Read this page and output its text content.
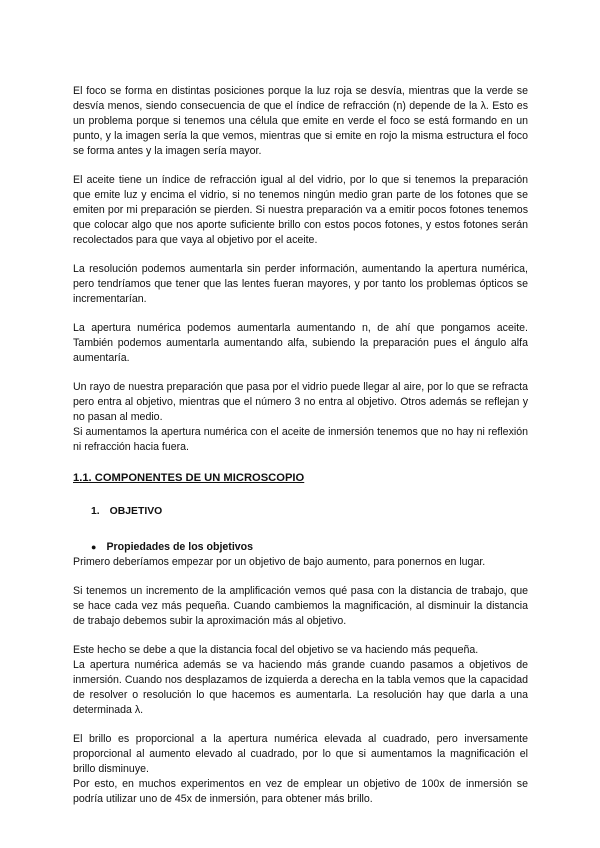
El foco se forma en distintas posiciones porque la luz roja se desvía, mientras que la verde se desvía menos, siendo consecuencia de que el índice de refracción (n) depende de la λ. Esto es un problema porque si tenemos una célula que emite en verde el foco se está formando en un punto, y la imagen sería la que vemos, mientras que si emite en rojo la misma estructura el foco se forma antes y la imagen sería mayor.

El aceite tiene un índice de refracción igual al del vidrio, por lo que si tenemos la preparación que emite luz y encima el vidrio, si no tenemos ningún medio gran parte de los fotones que se emiten por mi preparación se pierden. Si nuestra preparación va a emitir pocos fotones tenemos que colocar algo que nos aporte suficiente brillo con estos pocos fotones, y estos fotones serán recolectados para que vaya al objetivo por el aceite.

La resolución podemos aumentarla sin perder información, aumentando la apertura numérica, pero tendríamos que tener que las lentes fueran mayores, y por tanto los problemas ópticos se incrementarían.

La apertura numérica podemos aumentarla aumentando n, de ahí que pongamos aceite. También podemos aumentarla aumentando alfa, subiendo la preparación pues el ángulo alfa aumentaría.

Un rayo de nuestra preparación que pasa por el vidrio puede llegar al aire, por lo que se refracta pero entra al objetivo, mientras que el número 3 no entra al objetivo. Otros además se reflejan y no pasan al medio.

Si aumentamos la apertura numérica con el aceite de inmersión tenemos que no hay ni reflexión ni refracción hacia fuera.

1.1. COMPONENTES DE UN MICROSCOPIO
1. OBJETIVO
● Propiedades de los objetivos

Primero deberíamos empezar por un objetivo de bajo aumento, para ponernos en lugar.

Si tenemos un incremento de la amplificación vemos qué pasa con la distancia de trabajo, que se hace cada vez más pequeña. Cuando cambiemos la magnificación, al disminuir la distancia de trabajo debemos subir la aproximación más al objetivo.

Este hecho se debe a que la distancia focal del objetivo se va haciendo más pequeña.

La apertura numérica además se va haciendo más grande cuando pasamos a objetivos de inmersión. Cuando nos desplazamos de izquierda a derecha en la tabla vemos que la capacidad de resolver o resolución lo que hacemos es aumentarla. La resolución hay que darla a una determinada λ.

El brillo es proporcional a la apertura numérica elevada al cuadrado, pero inversamente proporcional al aumento elevado al cuadrado, por lo que si aumentamos la magnificación el brillo disminuye.

Por esto, en muchos experimentos en vez de emplear un objetivo de 100x de inmersión se podría utilizar uno de 45x de inmersión, para obtener más brillo.
